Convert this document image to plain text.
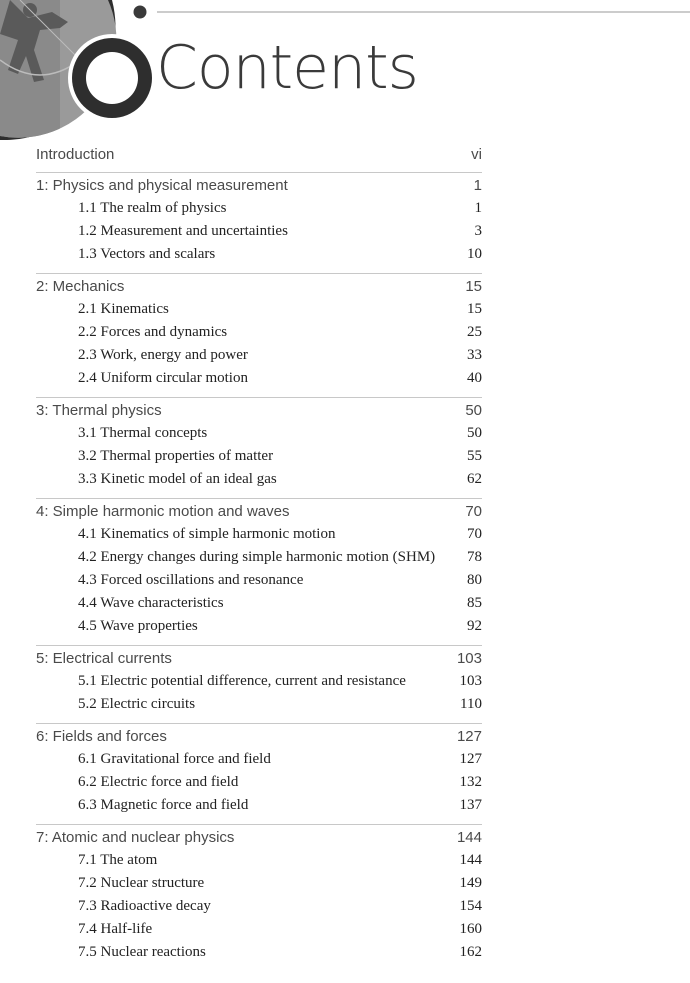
Contents
Introduction	vi
1: Physics and physical measurement	1
1.1 The realm of physics	1
1.2 Measurement and uncertainties	3
1.3 Vectors and scalars	10
2: Mechanics	15
2.1 Kinematics	15
2.2 Forces and dynamics	25
2.3 Work, energy and power	33
2.4 Uniform circular motion	40
3: Thermal physics	50
3.1 Thermal concepts	50
3.2 Thermal properties of matter	55
3.3 Kinetic model of an ideal gas	62
4: Simple harmonic motion and waves	70
4.1 Kinematics of simple harmonic motion	70
4.2 Energy changes during simple harmonic motion (SHM) 78
4.3 Forced oscillations and resonance	80
4.4 Wave characteristics	85
4.5 Wave properties	92
5: Electrical currents	103
5.1 Electric potential difference, current and resistance	103
5.2 Electric circuits	110
6: Fields and forces	127
6.1 Gravitational force and field	127
6.2 Electric force and field	132
6.3 Magnetic force and field	137
7: Atomic and nuclear physics	144
7.1 The atom	144
7.2 Nuclear structure	149
7.3 Radioactive decay	154
7.4 Half-life	160
7.5 Nuclear reactions	162
